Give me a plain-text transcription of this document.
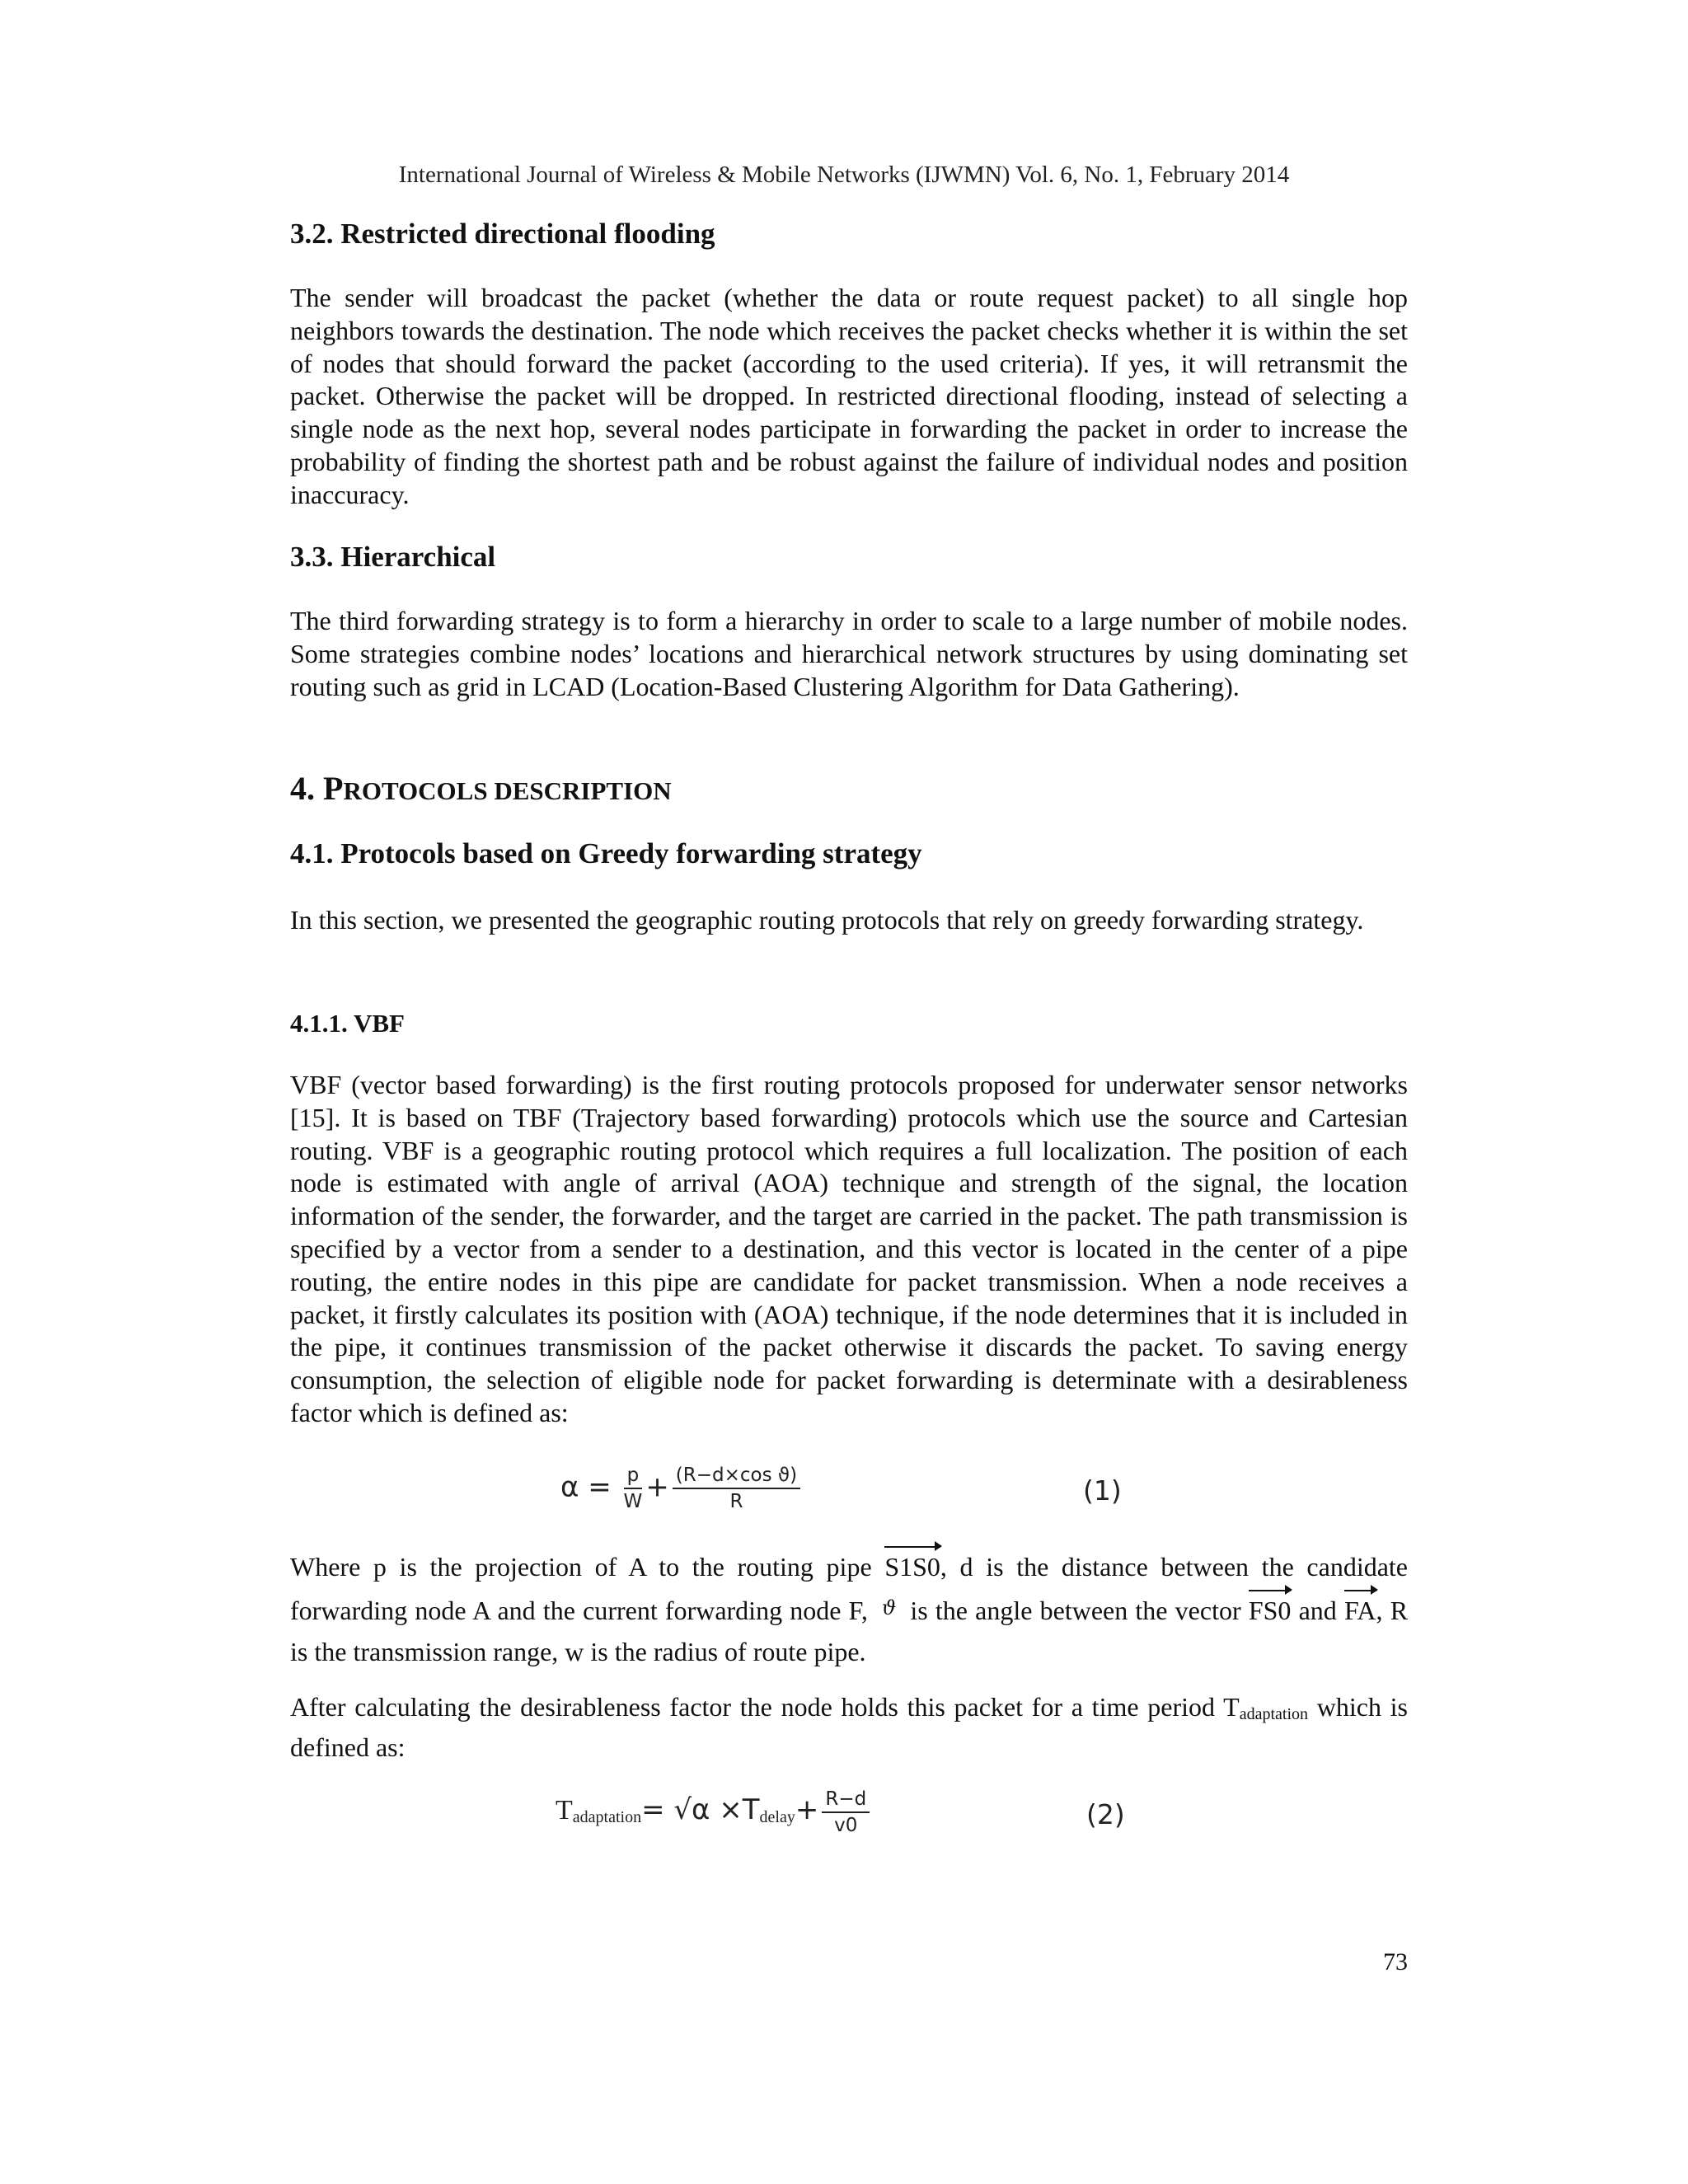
International Journal of Wireless & Mobile Networks (IJWMN) Vol. 6, No. 1, February 2014
3.2. Restricted directional flooding

The sender will broadcast the packet (whether the data or route request packet) to all single hop neighbors towards the destination. The node which receives the packet checks whether it is within the set of nodes that should forward the packet (according to the used criteria). If yes, it will retransmit the packet. Otherwise the packet will be dropped. In restricted directional flooding, instead of selecting a single node as the next hop, several nodes participate in forwarding the packet in order to increase the probability of finding the shortest path and be robust against the failure of individual nodes and position inaccuracy.

3.3. Hierarchical

The third forwarding strategy is to form a hierarchy in order to scale to a large number of mobile nodes. Some strategies combine nodes’ locations and hierarchical network structures by using dominating set routing such as grid in LCAD (Location-Based Clustering Algorithm for Data Gathering).

4. PROTOCOLS DESCRIPTION
4.1. Protocols based on Greedy forwarding strategy

In this section, we presented the geographic routing protocols that rely on greedy forwarding strategy.

4.1.1. VBF

VBF (vector based forwarding) is the first routing protocols proposed for underwater sensor networks [15]. It is based on TBF (Trajectory based forwarding) protocols which use the source and Cartesian routing. VBF is a geographic routing protocol which requires a full localization. The position of each node is estimated with angle of arrival (AOA) technique and strength of the signal, the location information of the sender, the forwarder, and the target are carried in the packet. The path transmission is specified by a vector from a sender to a destination, and this vector is located in the center of a pipe routing, the entire nodes in this pipe are candidate for packet transmission. When a node receives a packet, it firstly calculates its position with (AOA) technique, if the node determines that it is included in the pipe, it continues transmission of the packet otherwise it discards the packet. To saving energy consumption, the selection of eligible node for packet forwarding is determinate with a desirableness factor which is defined as:

$\alpha = \frac{p}{W} + \frac{\text{(R−d×cos ϑ)}}{R}$	(1)

Where p is the projection of A to the routing pipe S1S0, d is the distance between the candidate forwarding node A and the current forwarding node F, ϑ is the angle between the vector FS0 and FA, R is the transmission range, w is the radius of route pipe.

After calculating the desirableness factor the node holds this packet for a time period $T_{adaptation}$ which is defined as:

$T_{adaptation}= √\alpha \times T_{delay}+ \frac{R-d}{v0}$	(2)
73
